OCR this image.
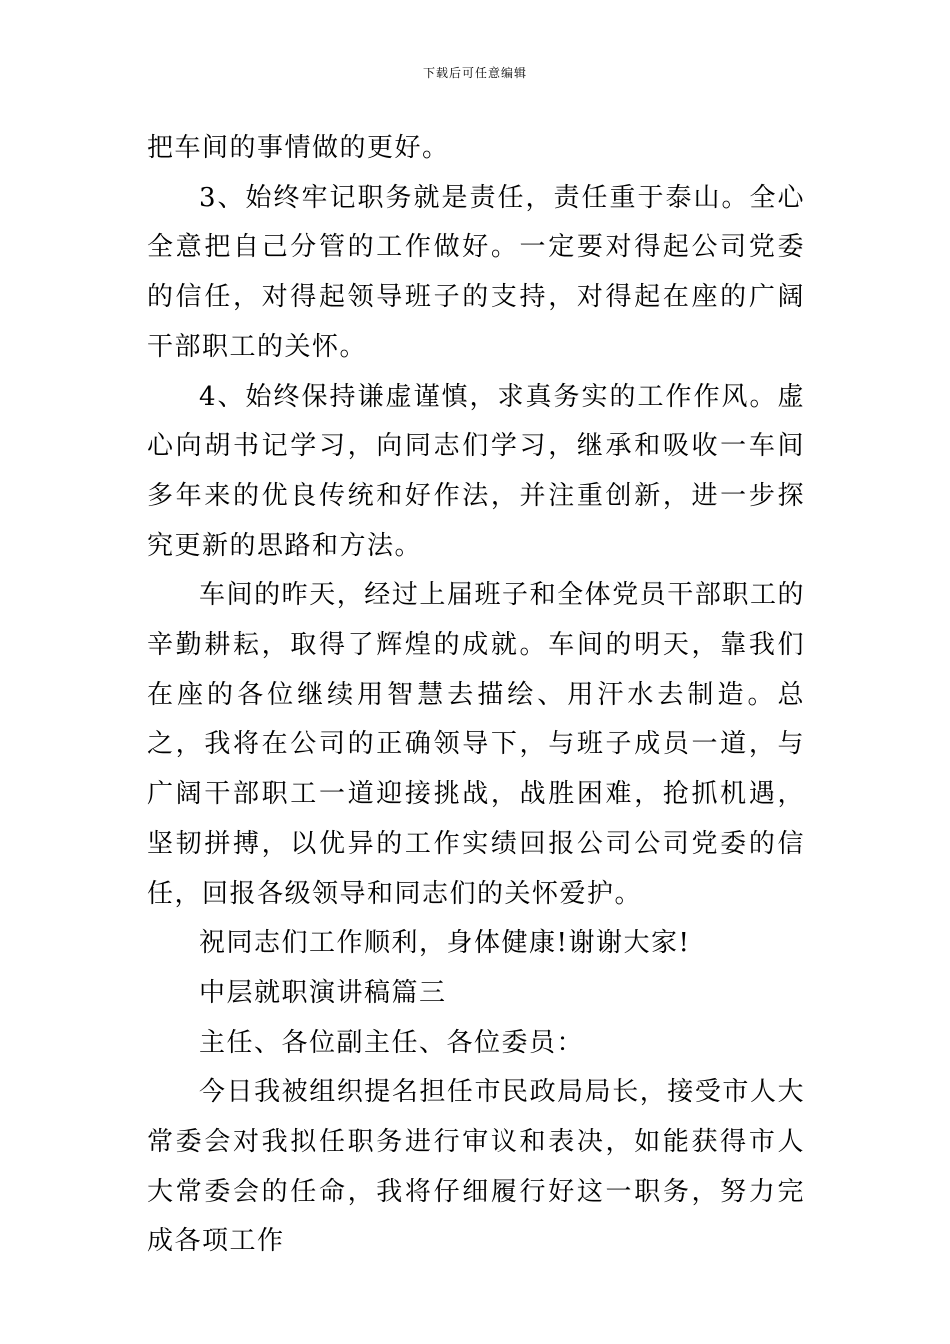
下载后可任意编辑

把车间的事情做的更好。

3、始终牢记职务就是责任，责任重于泰山。全心全意把自己分管的工作做好。一定要对得起公司党委的信任，对得起领导班子的支持，对得起在座的广阔干部职工的关怀。

4、始终保持谦虚谨慎，求真务实的工作作风。虚心向胡书记学习，向同志们学习，继承和吸收一车间多年来的优良传统和好作法，并注重创新，进一步探究更新的思路和方法。

车间的昨天，经过上届班子和全体党员干部职工的辛勤耕耘，取得了辉煌的成就。车间的明天，靠我们在座的各位继续用智慧去描绘、用汗水去制造。总之，我将在公司的正确领导下，与班子成员一道，与广阔干部职工一道迎接挑战，战胜困难，抢抓机遇，坚韧拼搏，以优异的工作实绩回报公司公司党委的信任，回报各级领导和同志们的关怀爱护。

祝同志们工作顺利，身体健康!谢谢大家!

中层就职演讲稿篇三

主任、各位副主任、各位委员：

今日我被组织提名担任市民政局局长，接受市人大常委会对我拟任职务进行审议和表决，如能获得市人大常委会的任命，我将仔细履行好这一职务，努力完成各项工作
